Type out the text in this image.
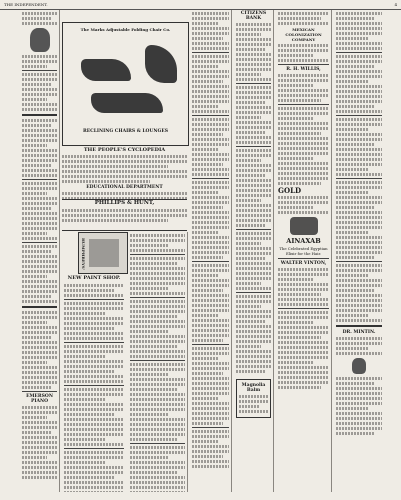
THE INDEPENDENT.	4
EMERSON PIANO
The Marks Adjustable Folding Chair Co.
RECLINING CHAIRS & LOUNGES
THE PEOPLE'S CYCLOPEDIA
EDUCATIONAL DEPARTMENT
PHILLIPS & HUNT,
HUMPHREYS'
NEW PAINT SHOP.
CITIZENS BANK
Magnolia Balm
MEXICAN COLONIZATION COMPANY
R. H. WILLIS,
GOLD
AINAXAB
The Celebrated Egyptian Elixir for the Hair.
WALTER VINTON,
DR. MINTIN.
